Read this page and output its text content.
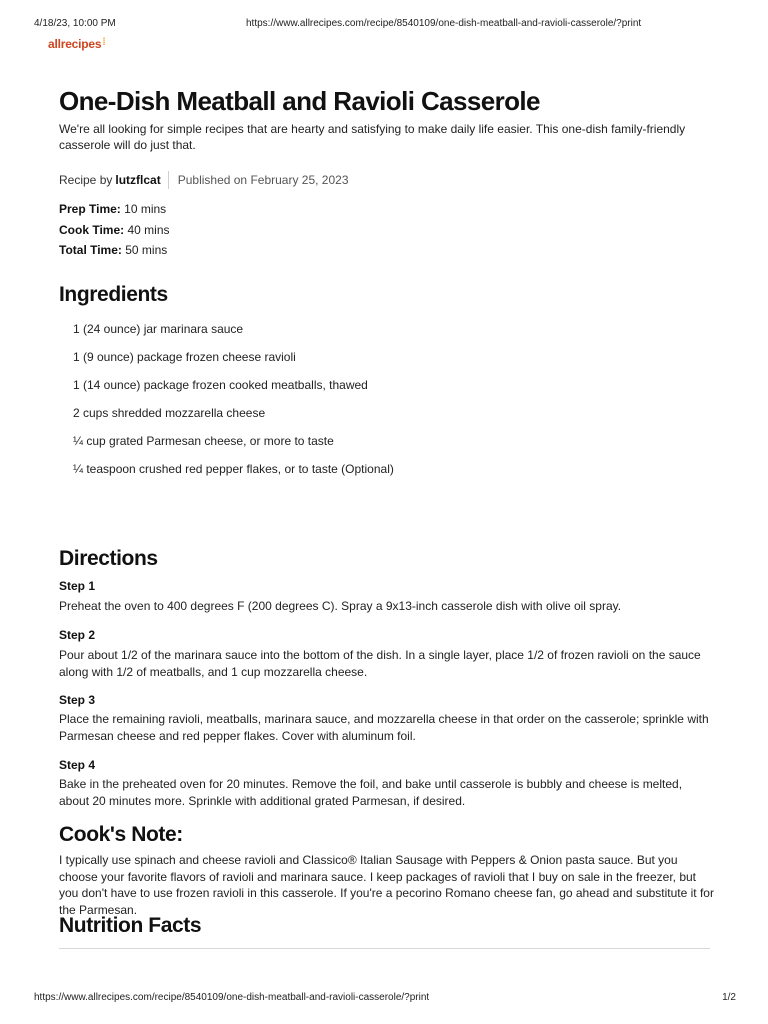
4/18/23, 10:00 PM	https://www.allrecipes.com/recipe/8540109/one-dish-meatball-and-ravioli-casserole/?print
allrecipes⁞
One-Dish Meatball and Ravioli Casserole

We're all looking for simple recipes that are hearty and satisfying to make daily life easier. This one-dish family-friendly casserole will do just that.

Recipe by lutzflcat Published on February 25, 2023
Prep Time: 10 mins
Cook Time: 40 mins
Total Time: 50 mins
Ingredients
1 (24 ounce) jar marinara sauce
1 (9 ounce) package frozen cheese ravioli
1 (14 ounce) package frozen cooked meatballs, thawed
2 cups shredded mozzarella cheese
¼ cup grated Parmesan cheese, or more to taste
¼ teaspoon crushed red pepper flakes, or to taste (Optional)
Directions
Step 1

Preheat the oven to 400 degrees F (200 degrees C). Spray a 9x13-inch casserole dish with olive oil spray.

Step 2

Pour about 1/2 of the marinara sauce into the bottom of the dish. In a single layer, place 1/2 of frozen ravioli on the sauce along with 1/2 of meatballs, and 1 cup mozzarella cheese.

Step 3

Place the remaining ravioli, meatballs, marinara sauce, and mozzarella cheese in that order on the casserole; sprinkle with Parmesan cheese and red pepper flakes. Cover with aluminum foil.

Step 4

Bake in the preheated oven for 20 minutes. Remove the foil, and bake until casserole is bubbly and cheese is melted, about 20 minutes more. Sprinkle with additional grated Parmesan, if desired.

Cook's Note:

I typically use spinach and cheese ravioli and Classico® Italian Sausage with Peppers & Onion pasta sauce. But you choose your favorite flavors of ravioli and marinara sauce. I keep packages of ravioli that I buy on sale in the freezer, but you don't have to use frozen ravioli in this casserole. If you're a pecorino Romano cheese fan, go ahead and substitute it for the Parmesan.

Nutrition Facts
https://www.allrecipes.com/recipe/8540109/one-dish-meatball-and-ravioli-casserole/?print	1/2
